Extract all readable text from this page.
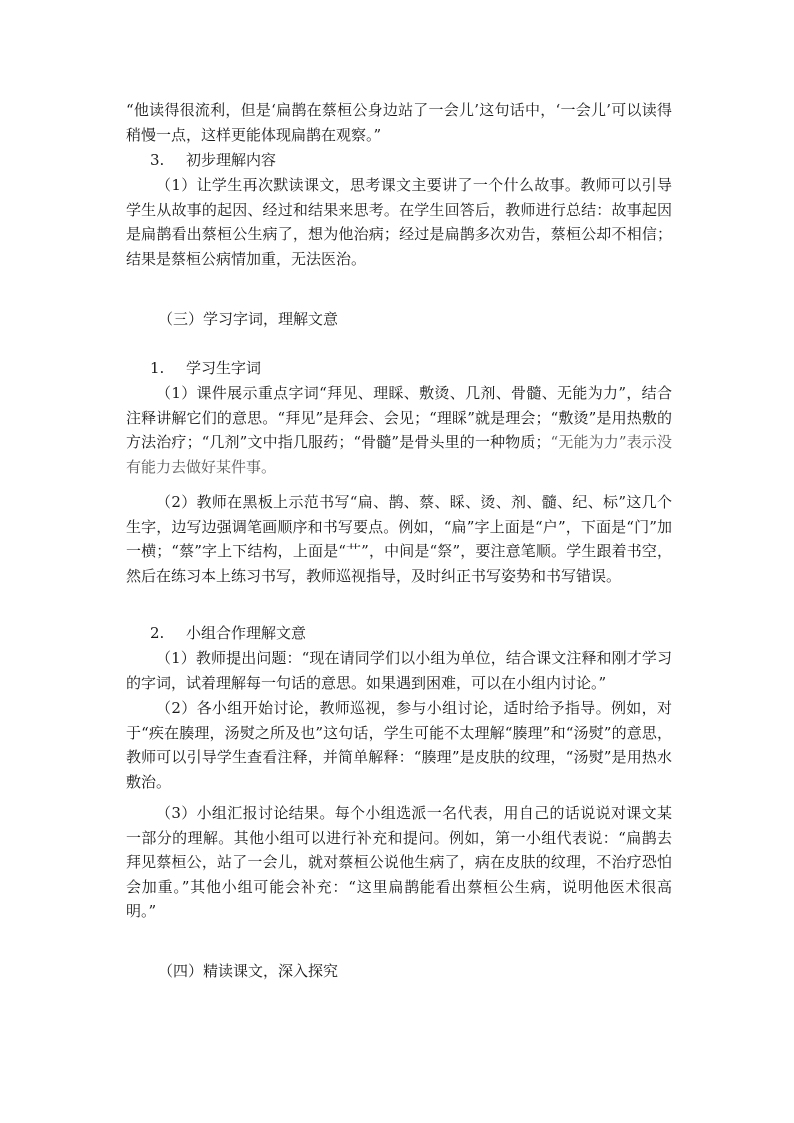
“他读得很流利，但是‘扁鹊在蔡桓公身边站了一会儿’这句话中，‘一会儿’可以读得稍慢一点，这样更能体现扁鹊在观察。”

3. 初步理解内容

（1）让学生再次默读课文，思考课文主要讲了一个什么故事。教师可以引导学生从故事的起因、经过和结果来思考。在学生回答后，教师进行总结：故事起因是扁鹊看出蔡桓公生病了，想为他治病；经过是扁鹊多次劝告，蔡桓公却不相信；结果是蔡桓公病情加重，无法医治。

（三）学习字词，理解文意

1. 学习生字词

（1）课件展示重点字词“拜见、理睬、敷烫、几剂、骨髓、无能为力”，结合注释讲解它们的意思。“拜见”是拜会、会见；“理睬”就是理会；“敷烫”是用热敷的方法治疗；“几剂”文中指几服药；“骨髓”是骨头里的一种物质；“无能为力”表示没有能力去做好某件事。

（2）教师在黑板上示范书写“扁、鹊、蔡、睬、烫、剂、髓、纪、标”这几个生字，边写边强调笔画顺序和书写要点。例如，“扁”字上面是“户”，下面是“门”加一横；“蔡”字上下结构，上面是“艹”，中间是“祭”，要注意笔顺。学生跟着书空，然后在练习本上练习书写，教师巡视指导，及时纠正书写姿势和书写错误。

2. 小组合作理解文意

（1）教师提出问题：“现在请同学们以小组为单位，结合课文注释和刚才学习的字词，试着理解每一句话的意思。如果遇到困难，可以在小组内讨论。”

（2）各小组开始讨论，教师巡视，参与小组讨论，适时给予指导。例如，对于“疾在腠理，汤熨之所及也”这句话，学生可能不太理解“腠理”和“汤熨”的意思，教师可以引导学生查看注释，并简单解释：“腠理”是皮肤的纹理，“汤熨”是用热水敷治。

（3）小组汇报讨论结果。每个小组选派一名代表，用自己的话说说对课文某一部分的理解。其他小组可以进行补充和提问。例如，第一小组代表说：“扁鹊去拜见蔡桓公，站了一会儿，就对蔡桓公说他生病了，病在皮肤的纹理，不治疗恐怕会加重。”其他小组可能会补充：“这里扁鹊能看出蔡桓公生病，说明他医术很高明。”

（四）精读课文，深入探究
